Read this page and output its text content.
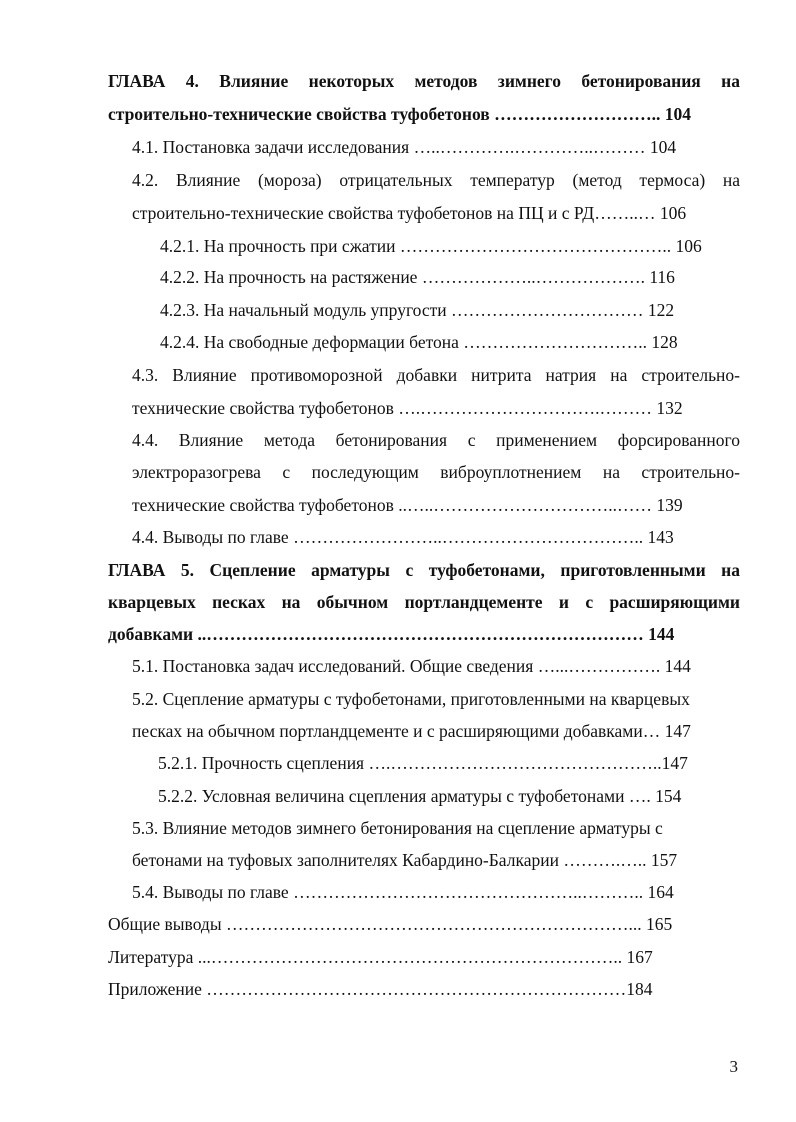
ГЛАВА 4. Влияние некоторых методов зимнего бетонирования на
строительно-технические свойства туфобетонов ……………………….. 104
4.1. Постановка задачи исследования …..………….…………..……… 104
4.2. Влияние (мороза) отрицательных температур (метод термоса) на
строительно-технические свойства туфобетонов на ПЦ и с РД……..… 106
4.2.1. На прочность при сжатии ……………………………………….. 106
4.2.2. На прочность на растяжение ………………..………………. 116
4.2.3. На начальный модуль упругости …………………………… 122
4.2.4. На свободные деформации бетона ………………………….. 128
4.3. Влияние противоморозной добавки нитрита натрия на строительно-
технические свойства туфобетонов ….………………………….……… 132
4.4. Влияние метода бетонирования с применением форсированного
электроразогрева с последующим виброуплотнением на строительно-
технические свойства туфобетонов ..…..…………………………..…… 139
4.4. Выводы по главе ……………………..…………………………….. 143
ГЛАВА 5. Сцепление арматуры с туфобетонами, приготовленными на
кварцевых песках на обычном портландцементе и с расширяющими
добавками ..………………………………………………………………… 144
5.1. Постановка задач исследований. Общие сведения …...……………. 144
5.2. Сцепление арматуры с туфобетонами, приготовленными на кварцевых
песках на обычном портландцементе и с расширяющими добавками… 147
5.2.1. Прочность сцепления ….………………………………………..147
5.2.2. Условная величина сцепления арматуры с туфобетонами …. 154
5.3. Влияние методов зимнего бетонирования на сцепление арматуры с
бетонами на туфовых заполнителях Кабардино-Балкарии ……….….. 157
5.4. Выводы по главе …………………………………………..……….. 164
Общие выводы ……………………………………………………………... 165
Литература ...…………………………………………………………….. 167
Приложение ………………………………………………………………184
3
